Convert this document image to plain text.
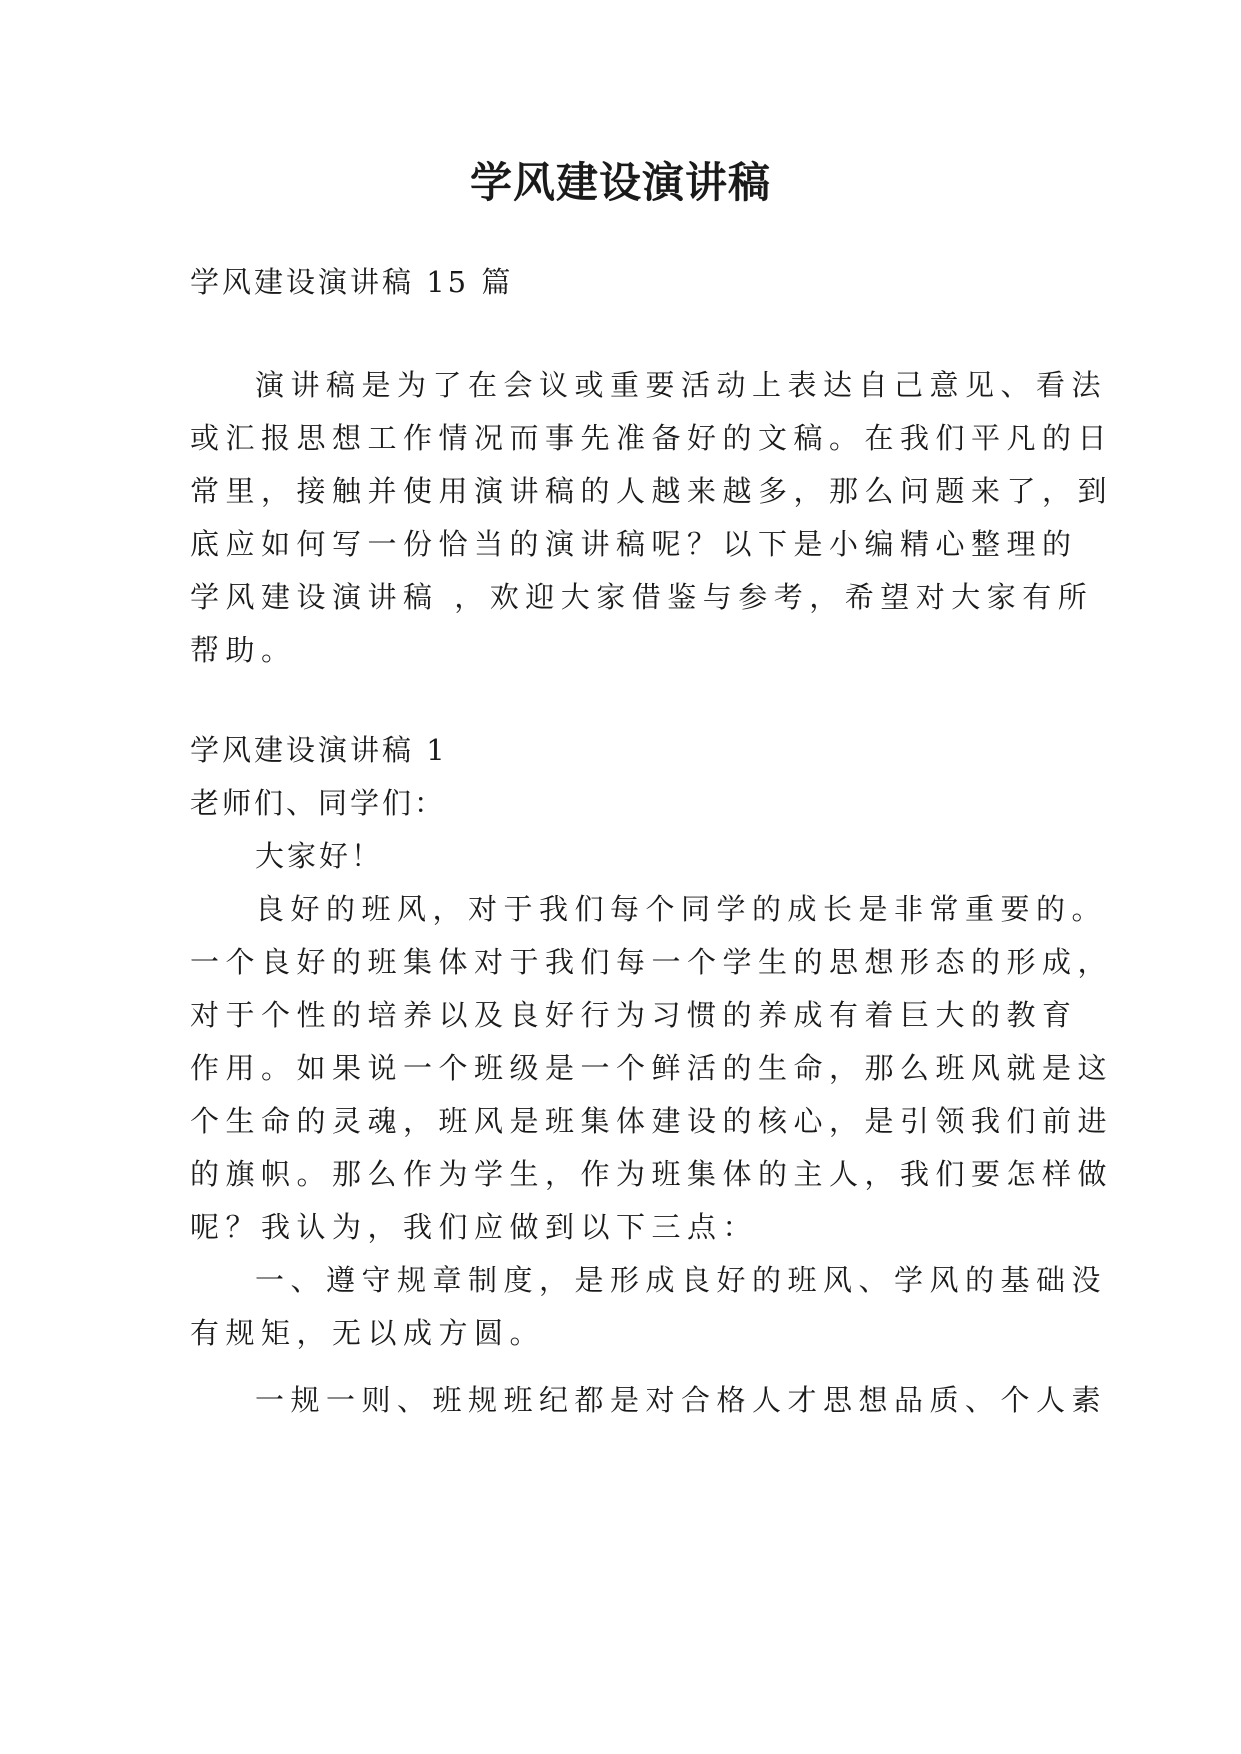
学风建设演讲稿
学风建设演讲稿 15 篇
演讲稿是为了在会议或重要活动上表达自己意见、看法
或汇报思想工作情况而事先准备好的文稿。在我们平凡的日
常里，接触并使用演讲稿的人越来越多，那么问题来了，到
底应如何写一份恰当的演讲稿呢？以下是小编精心整理的
学风建设演讲稿 ，欢迎大家借鉴与参考，希望对大家有所
帮助。
学风建设演讲稿 1
老师们、同学们：
大家好！
良好的班风，对于我们每个同学的成长是非常重要的。
一个良好的班集体对于我们每一个学生的思想形态的形成，
对于个性的培养以及良好行为习惯的养成有着巨大的教育
作用。如果说一个班级是一个鲜活的生命，那么班风就是这
个生命的灵魂，班风是班集体建设的核心，是引领我们前进
的旗帜。那么作为学生，作为班集体的主人，我们要怎样做
呢？我认为，我们应做到以下三点：
一、遵守规章制度，是形成良好的班风、学风的基础没
有规矩，无以成方圆。
一规一则、班规班纪都是对合格人才思想品质、个人素
